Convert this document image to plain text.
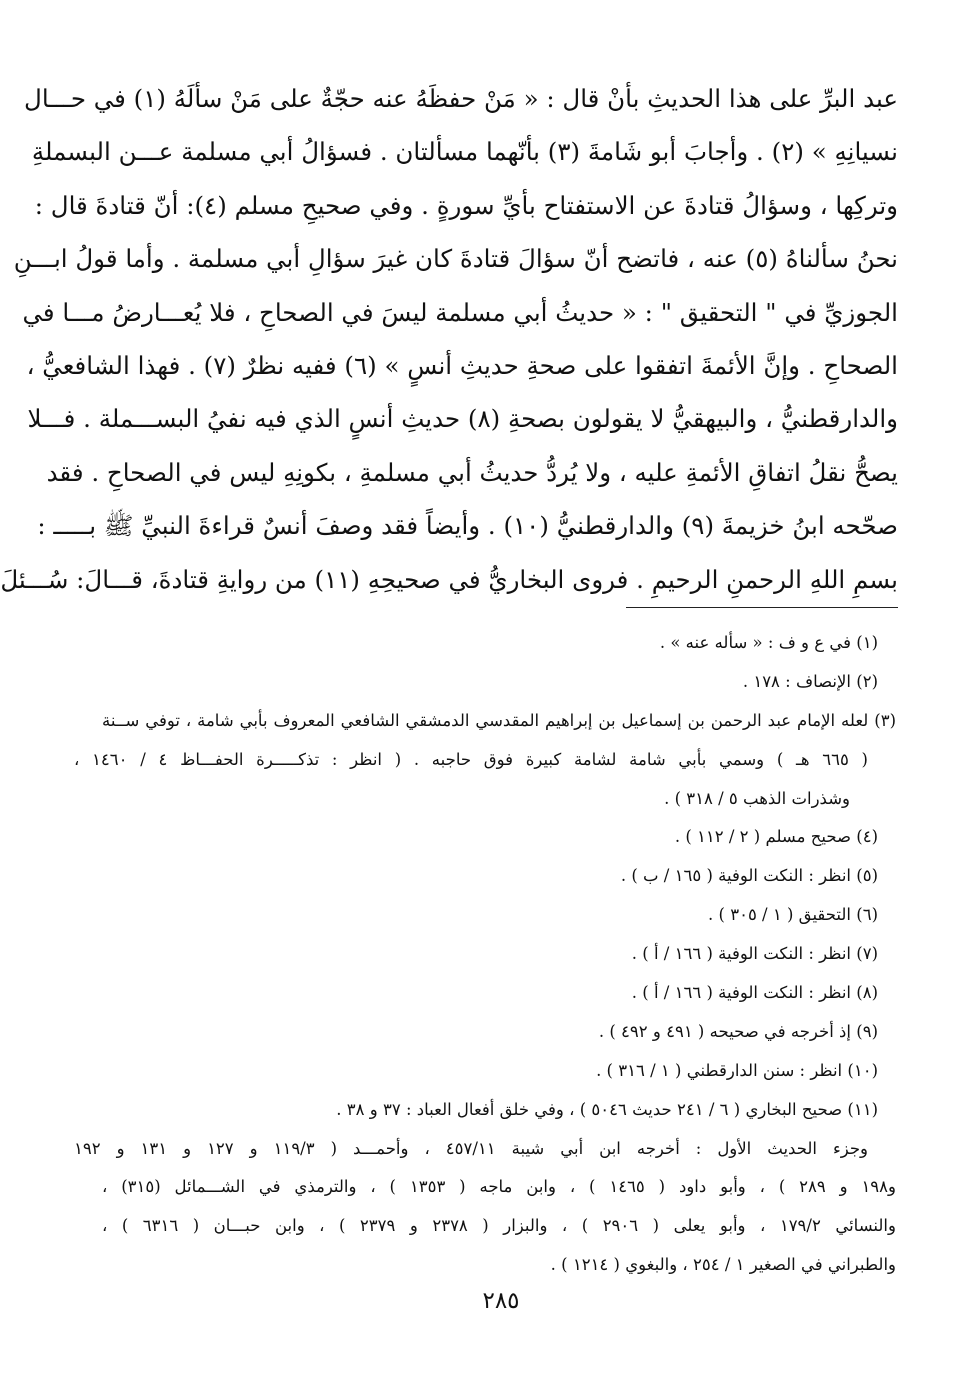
عبد البرِّ على هذا الحديثِ بأنْ قال : « مَنْ حفظَهُ عنه حجّةٌ على مَنْ سألَهُ (١) في حـــال
نسيانِهِ » (٢) . وأجابَ أبو شَامةَ (٣) بأنّهما مسألتان . فسؤالُ أبي مسلمة عـــن البسملةِ
وتركِها ، وسؤالُ قتادةَ عن الاستفتاح بأيِّ سورةٍ . وفي صحيحِ مسلم (٤): أنّ قتادةَ قال :
نحنُ سألناهُ (٥) عنه ، فاتضح أنّ سؤالَ قتادةَ كان غيرَ سؤالِ أبي مسلمة . وأما قولُ ابـــنِ
الجوزيِّ في " التحقيق " : « حديثُ أبي مسلمة ليسَ في الصحاحِ ، فلا يُعـــارضُ مـــا في
الصحاحِ . وإنَّ الأئمةَ اتفقوا على صحةِ حديثِ أنسٍ » (٦) ففيه نظرٌ (٧) . فهذا الشافعيُّ ،
والدارقطنيُّ ، والبيهقيُّ لا يقولون بصحةِ (٨) حديثِ أنسٍ الذي فيه نفيُ البســـملة . فـــلا
يصحُّ نقلُ اتفاقِ الأئمةِ عليه ، ولا يُردُّ حديثُ أبي مسلمةِ ، بكونِهِ ليس في الصحاحِ . فقد
صحّحه ابنُ خزيمةَ (٩) والدارقطنيُّ (١٠) . وأيضاً فقد وصفَ أنسٌ قراءةَ النبيِّ ﷺ بـــــ :
بسمِ اللهِ الرحمنِ الرحيمِ . فروى البخاريُّ في صحيحِهِ (١١) من روايةِ قتادةَ، قـــالَ: سُـــئلَ
(١) في ع و ف : « سأله عنه » .
(٢) الإنصاف : ١٧٨ .
(٣) لعله الإمام عبد الرحمن بن إسماعيل بن إبراهيم المقدسي الدمشقي الشافعي المعروف بأبي شامة ، توفي ســنة
( ٦٦٥ هـ ) وسمي بأبي شامة لشامة كبيرة فوق حاجبه . ( انظر : تذكـــــرة الحفـــاظ ٤ / ١٤٦٠ ،
وشذرات الذهب ٥ / ٣١٨ ) .
(٤) صحيح مسلم ( ٢ / ١١٢ ) .
(٥) انظر : النكت الوفية ( ١٦٥ / ب ) .
(٦) التحقيق ( ١ / ٣٠٥ ) .
(٧) انظر : النكت الوفية ( ١٦٦ / أ ) .
(٨) انظر : النكت الوفية ( ١٦٦ / أ ) .
(٩) إذ أخرجه في صحيحه ( ٤٩١ و ٤٩٢ ) .
(١٠) انظر : سنن الدارقطني ( ١ / ٣١٦ ) .
(١١) صحيح البخاري ( ٦ / ٢٤١ حديث ٥٠٤٦ ) ، وفي خلق أفعال العباد : ٣٧ و ٣٨ .
وجزء الحديث الأول : أخرجه ابن أبي شيبة ٤٥٧/١١ ، وأحمـــد ( ١١٩/٣ و ١٢٧ و ١٣١ و ١٩٢
و١٩٨ و ٢٨٩ ) ، وأبو داود ( ١٤٦٥ ) ، وابن ماجه ( ١٣٥٣ ) ، والترمذي في الشـــمائل (٣١٥) ،
والنسائي ١٧٩/٢ ، وأبو يعلى ( ٢٩٠٦ ) ، والبزار ( ٢٣٧٨ و ٢٣٧٩ ) ، وابن حبـــان ( ٦٣١٦ ) ،
والطبراني في الصغير ١ / ٢٥٤ ، والبغوي ( ١٢١٤ ) .
٢٨٥
